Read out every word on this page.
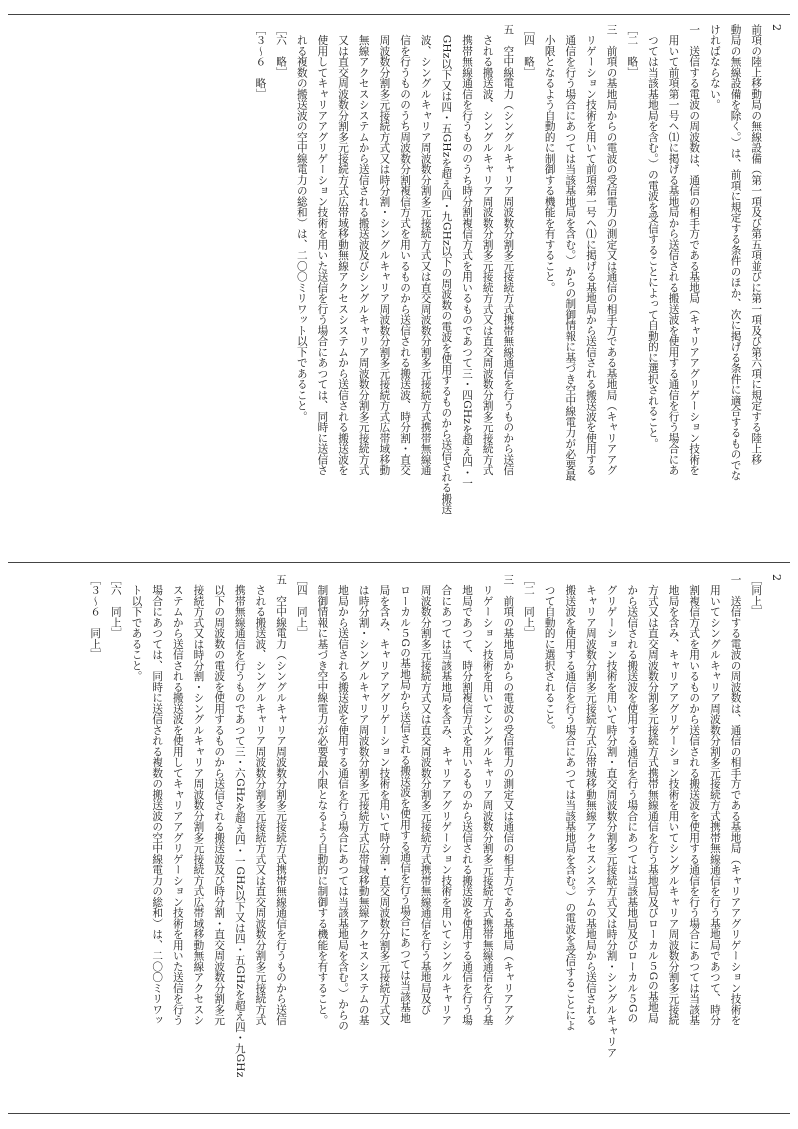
2
前項の陸上移動局の無線設備（第一項及び第五項並びに第一項及び第六項に規定する陸上移
動局の無線設備を除く。）は、前項に規定する条件のほか、次に掲げる条件に適合するものでな
ければならない。
一　送信する電波の周波数は、通信の相手方である基地局（キャリアアグリゲーション技術を
　用いて前項第一号ヘ⑴に掲げる基地局から送信される搬送波を使用する通信を行う場合にあ
　つては当該基地局を含む。）の電波を受信することによって自動的に選択されること。
［二　略］
三　前項の基地局からの電波の受信電力の測定又は通信の相手方である基地局（キャリアアグ
　リゲーション技術を用いて前項第一号ヘ⑴に掲げる基地局から送信される搬送波を使用する
　通信を行う場合にあつては当該基地局を含む。）からの制御情報に基づき空中線電力が必要最
　小限となるよう自動的に制御する機能を有すること。
［四　略］
五　空中線電力（シングルキャリア周波数分割多元接続方式携帯無線通信を行うものから送信
　される搬送波、シングルキャリア周波数分割多元接続方式又は直交周波数分割多元接続方式
　携帯無線通信を行うもののうち時分割複信方式を用いるものであつて三・四GHzを超え四・一
　GHz以下又は四・五GHzを超え四・九GHz以下の周波数の電波を使用するものから送信される搬送
　波、シングルキャリア周波数分割多元接続方式又は直交周波数分割多元接続方式携帯無線通
　信を行うもののうち周波数分割複信方式を用いるものから送信される搬送波、時分割・直交
　周波数分割多元接続方式又は時分割・シングルキャリア周波数分割多元接続方式広帯域移動
　無線アクセスシステムから送信される搬送波及びシングルキャリア周波数分割多元接続方式
　又は直交周波数分割多元接続方式広帯域移動無線アクセスシステムから送信される搬送波を
　使用してキャリアアグリゲーション技術を用いた送信を行う場合にあつては、同時に送信さ
　れる複数の搬送波の空中線電力の総和）は、二〇〇ミリワット以下であること。
［六　略］
［３〜６　略］
2
［同上］
一　送信する電波の周波数は、通信の相手方である基地局（キャリアアグリゲーション技術を
　用いてシングルキャリア周波数分割多元接続方式携帯無線通信を行う基地局であつて、時分
　割複信方式を用いるものから送信される搬送波を使用する通信を行う場合にあつては当該基
　地局を含み、キャリアアグリゲーション技術を用いてシングルキャリア周波数分割多元接続
　方式又は直交周波数分割多元接続方式携帯無線通信を行う基地局及びローカル５Gの基地局
　から送信される搬送波を使用する通信を行う場合にあつては当該基地局及びローカル５Gの
　グリゲーション技術を用いて時分割・直交周波数分割多元接続方式又は時分割・シングルキャリア
　キャリア周波数分割多元接続方式広帯域移動無線アクセスシステムの基地局から送信される
　搬送波を使用する通信を行う場合にあつては当該基地局を含む。）の電波を受信することによ
　つて自動的に選択されること。
［二　同上］
三　前項の基地局からの電波の受信電力の測定又は通信の相手方である基地局（キャリアアグ
　リゲーション技術を用いてシングルキャリア周波数分割多元接続方式携帯無線通信を行う基
　地局であつて、時分割複信方式を用いるものから送信される搬送波を使用する通信を行う場
　合にあつては当該基地局を含み、キャリアアグリゲーション技術を用いてシングルキャリア
　周波数分割多元接続方式又は直交周波数分割多元接続方式携帯無線通信を行う基地局及び
　ローカル５Gの基地局から送信される搬送波を使用する通信を行う場合にあつては当該基地
　局を含み、キャリアアグリゲーション技術を用いて時分割・直交周波数分割多元接続方式又
　は時分割・シングルキャリア周波数分割多元接続方式広帯域移動無線アクセスシステムの基
　地局から送信される搬送波を使用する通信を行う場合にあつては当該基地局を含む。）からの
　制御情報に基づき空中線電力が必要最小限となるよう自動的に制御する機能を有すること。
［四　同上］
五　空中線電力（シングルキャリア周波数分割多元接続方式携帯無線通信を行うものから送信
　される搬送波、シングルキャリア周波数分割多元接続方式又は直交周波数分割多元接続方式
　携帯無線通信を行うものであつて三・六GHzを超え四・一GHz以下又は四・五GHzを超え四・九GHz
　以下の周波数の電波を使用するものから送信される搬送波及び時分割・直交周波数分割多元
　接続方式又は時分割・シングルキャリア周波数分割多元接続方式広帯域移動無線アクセスシ
　ステムから送信される搬送波を使用してキャリアアグリゲーション技術を用いた送信を行う
　場合にあつては、同時に送信される複数の搬送波の空中線電力の総和）は、二〇〇ミリワッ
　ト以下であること。
［六　同上］
［３〜６　同上］
